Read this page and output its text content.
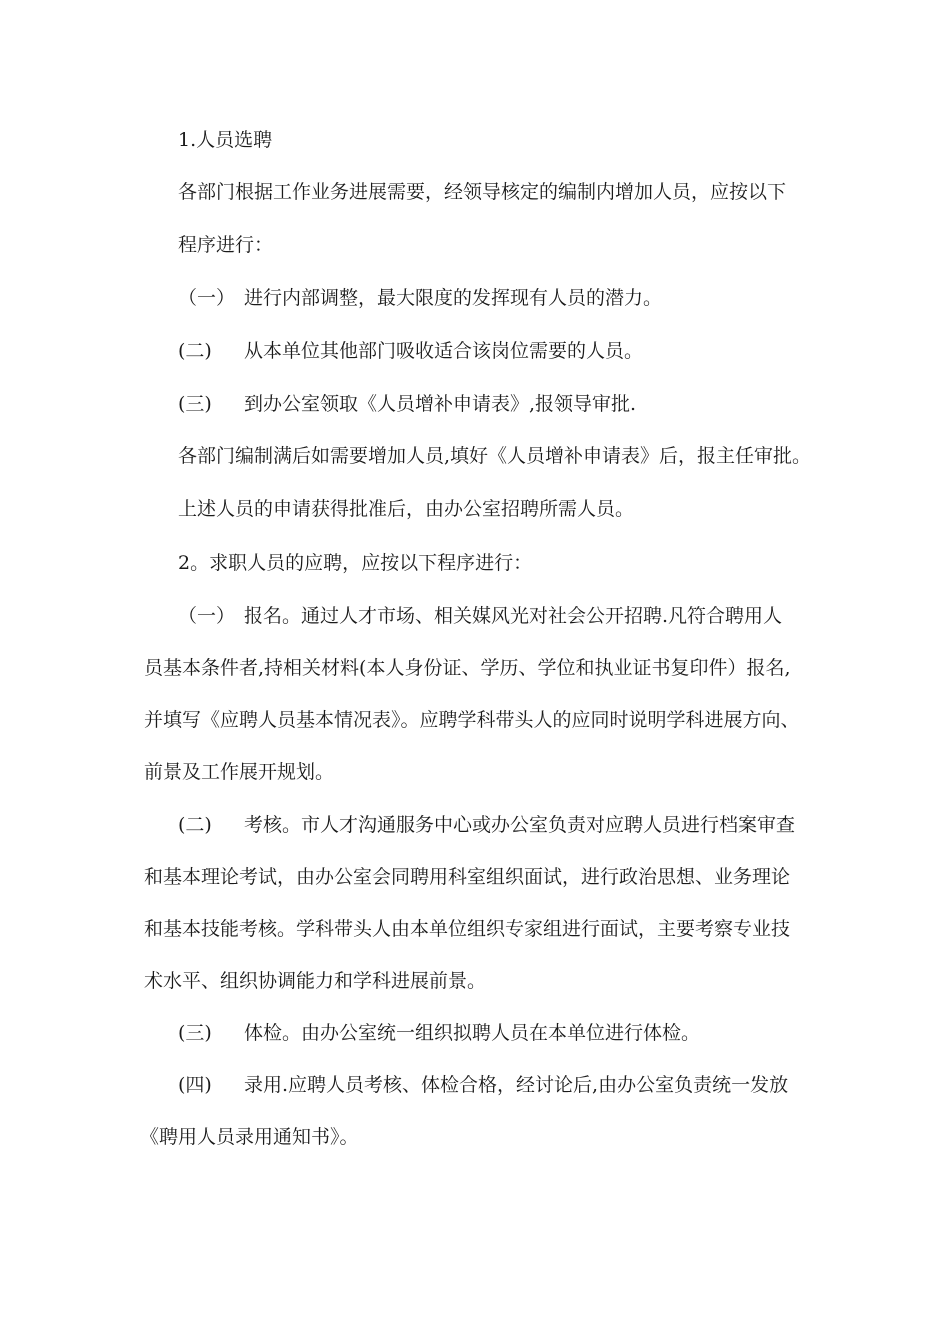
1.人员选聘
各部门根据工作业务进展需要，经领导核定的编制内增加人员，应按以下
程序进行：
（一） 进行内部调整，最大限度的发挥现有人员的潜力。
(二) 从本单位其他部门吸收适合该岗位需要的人员。
(三) 到办公室领取《人员增补申请表》,报领导审批.
各部门编制满后如需要增加人员,填好《人员增补申请表》后，报主任审批。
上述人员的申请获得批准后，由办公室招聘所需人员。
2。求职人员的应聘，应按以下程序进行：
（一） 报名。通过人才市场、相关媒风光对社会公开招聘.凡符合聘用人
员基本条件者,持相关材料(本人身份证、学历、学位和执业证书复印件）报名,
并填写《应聘人员基本情况表》。应聘学科带头人的应同时说明学科进展方向、
前景及工作展开规划。
(二) 考核。市人才沟通服务中心或办公室负责对应聘人员进行档案审查
和基本理论考试，由办公室会同聘用科室组织面试，进行政治思想、业务理论
和基本技能考核。学科带头人由本单位组织专家组进行面试，主要考察专业技
术水平、组织协调能力和学科进展前景。
(三) 体检。由办公室统一组织拟聘人员在本单位进行体检。
(四) 录用.应聘人员考核、体检合格，经讨论后,由办公室负责统一发放
《聘用人员录用通知书》。
